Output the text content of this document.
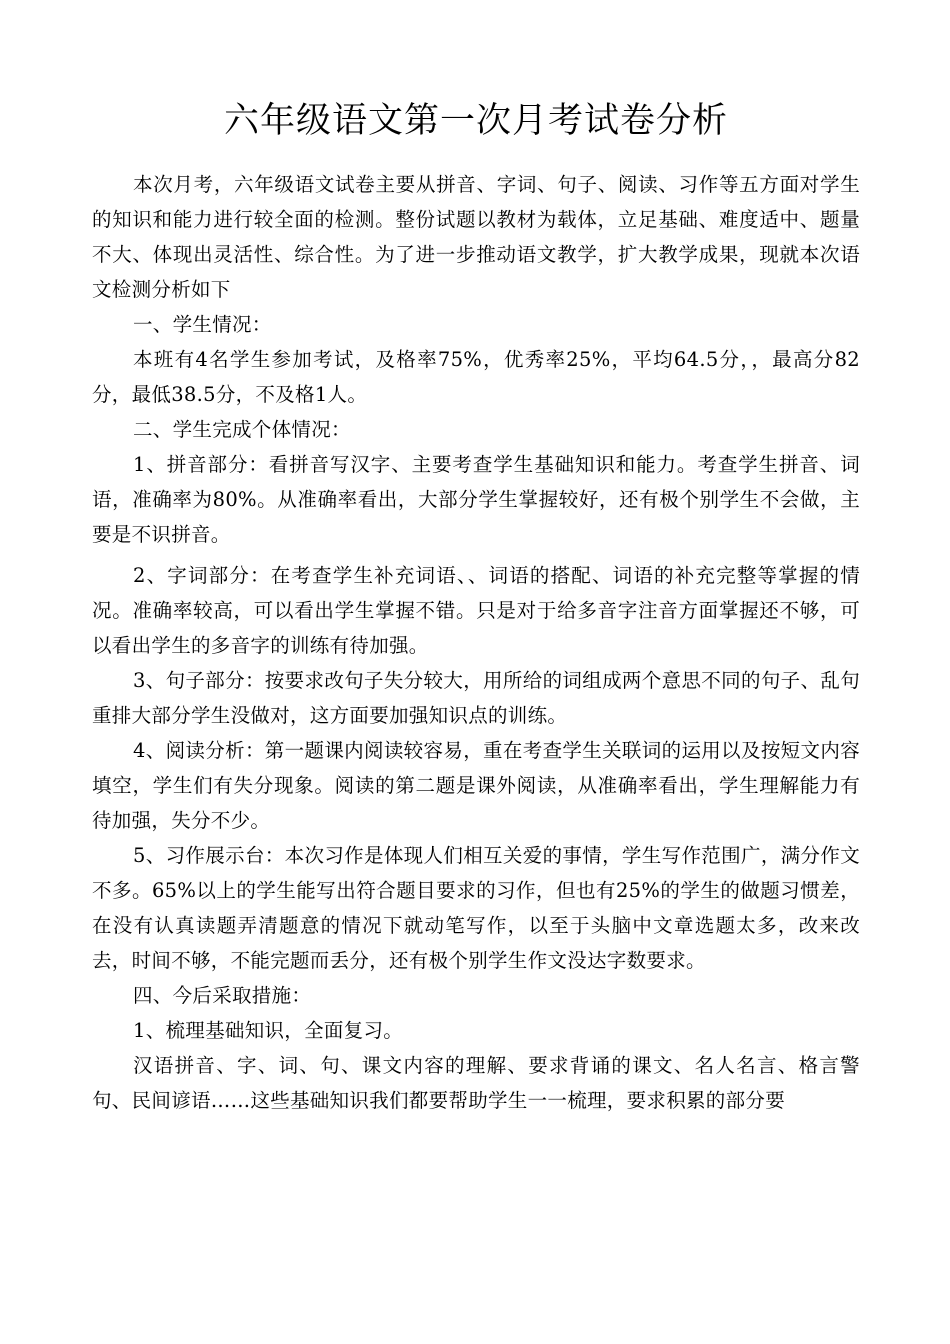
六年级语文第一次月考试卷分析

本次月考，六年级语文试卷主要从拼音、字词、句子、阅读、习作等五方面对学生的知识和能力进行较全面的检测。整份试题以教材为载体，立足基础、难度适中、题量不大、体现出灵活性、综合性。为了进一步推动语文教学，扩大教学成果，现就本次语文检测分析如下

一、学生情况：

本班有4名学生参加考试，及格率75%，优秀率25%，平均64.5分，，最高分82分，最低38.5分，不及格1人。

二、学生完成个体情况：

1、拼音部分：看拼音写汉字、主要考查学生基础知识和能力。考查学生拼音、词语，准确率为80%。从准确率看出，大部分学生掌握较好，还有极个别学生不会做，主要是不识拼音。

2、字词部分：在考查学生补充词语、、词语的搭配、词语的补充完整等掌握的情况。准确率较高，可以看出学生掌握不错。只是对于给多音字注音方面掌握还不够，可以看出学生的多音字的训练有待加强。

3、句子部分：按要求改句子失分较大，用所给的词组成两个意思不同的句子、乱句重排大部分学生没做对，这方面要加强知识点的训练。

4、阅读分析：第一题课内阅读较容易，重在考查学生关联词的运用以及按短文内容填空，学生们有失分现象。阅读的第二题是课外阅读，从准确率看出，学生理解能力有待加强，失分不少。

5、习作展示台：本次习作是体现人们相互关爱的事情，学生写作范围广，满分作文不多。65%以上的学生能写出符合题目要求的习作，但也有25%的学生的做题习惯差，在没有认真读题弄清题意的情况下就动笔写作，以至于头脑中文章选题太多，改来改去，时间不够，不能完题而丢分，还有极个别学生作文没达字数要求。

四、今后采取措施：

1、梳理基础知识，全面复习。

汉语拼音、字、词、句、课文内容的理解、要求背诵的课文、名人名言、格言警句、民间谚语……这些基础知识我们都要帮助学生一一梳理，要求积累的部分要
